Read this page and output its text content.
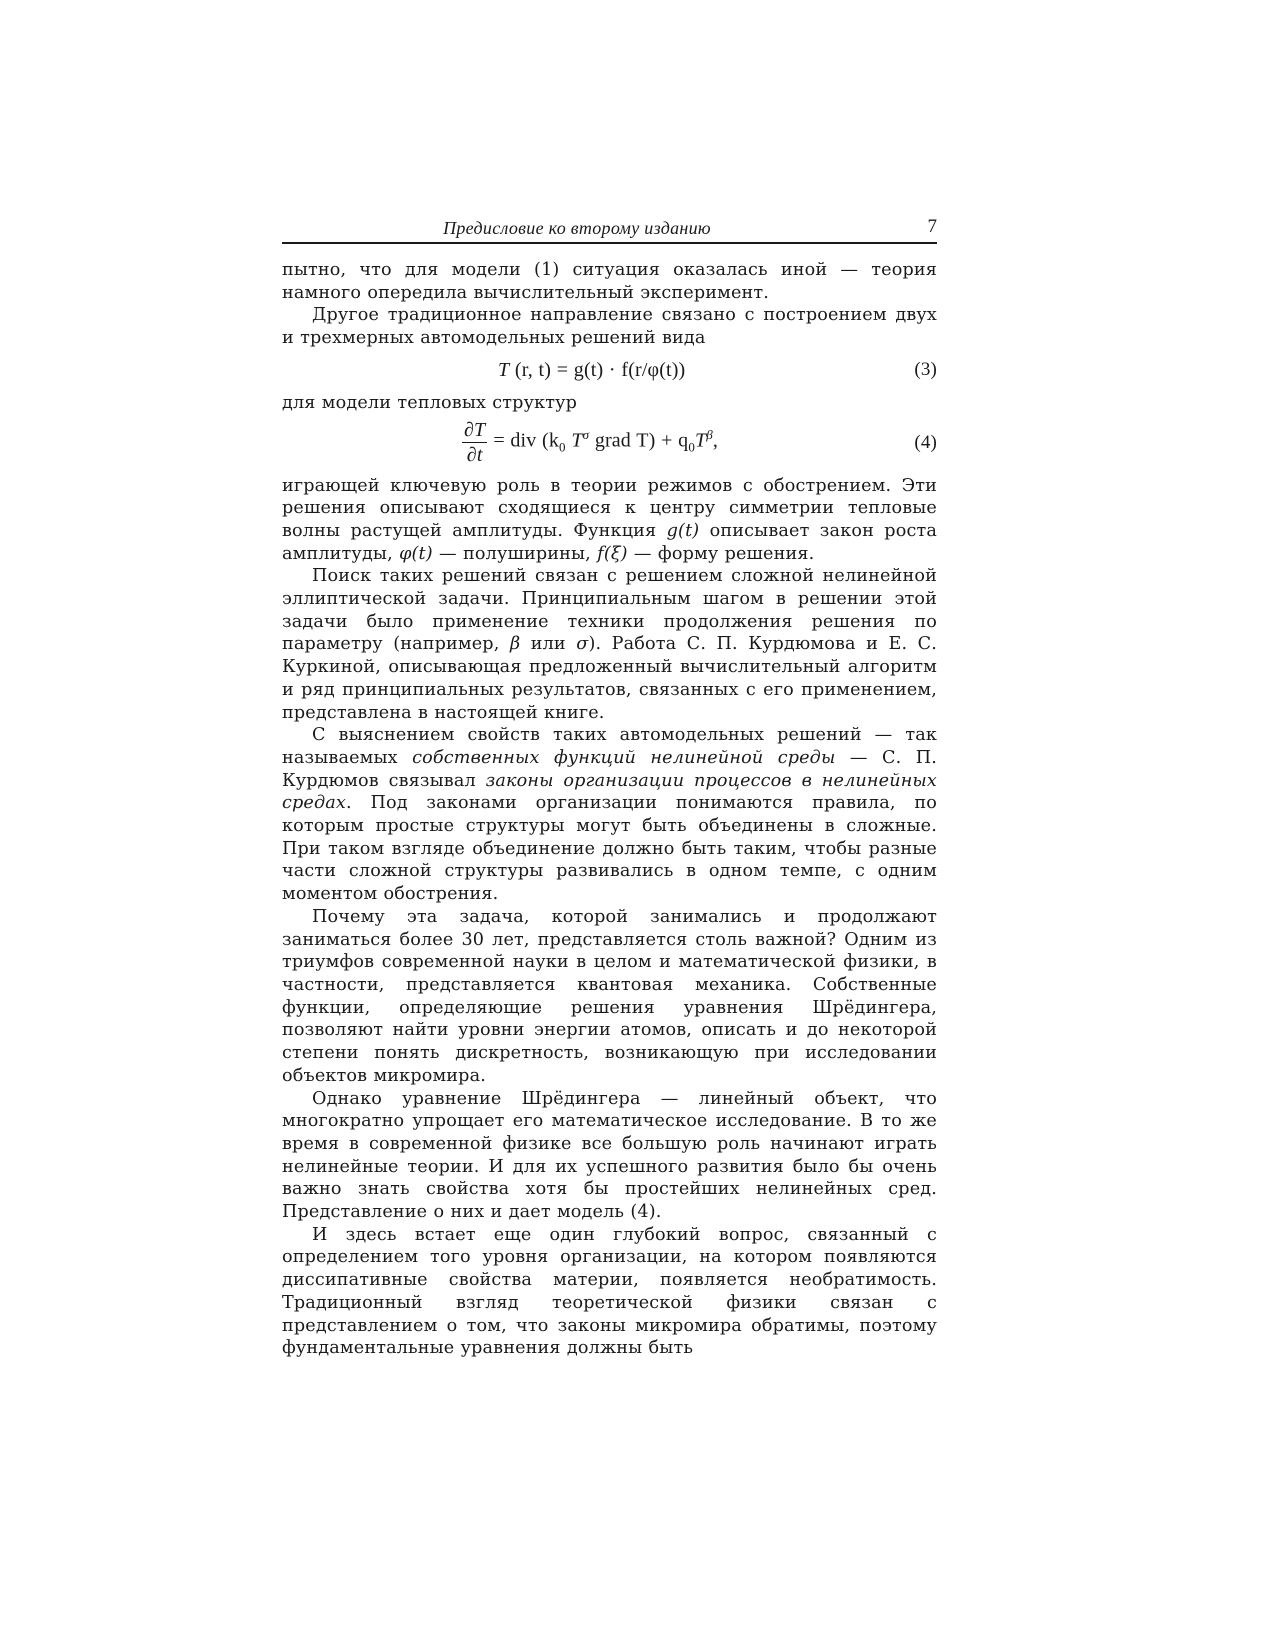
Предисловие ко второму изданию	7

пытно, что для модели (1) ситуация оказалась иной — теория намного опередила вычислительный эксперимент.

Другое традиционное направление связано с построением двух и трехмерных автомодельных решений вида

T (r, t) = g(t) · f(r/φ(t))	(3)

для модели тепловых структур

$\frac{\partial T}{\partial t}$ = div ($k_0$ $T^\sigma$ grad $T) + q_0T^\beta$,	(4)

играющей ключевую роль в теории режимов с обострением. Эти решения описывают сходящиеся к центру симметрии тепловые волны растущей амплитуды. Функция g(t) описывает закон роста амплитуды, φ(t) — полуширины, f(ξ) — форму решения.

Поиск таких решений связан с решением сложной нелинейной эллиптической задачи. Принципиальным шагом в решении этой задачи было применение техники продолжения решения по параметру (например, β или σ). Работа С. П. Курдюмова и Е. С. Куркиной, описывающая предложенный вычислительный алгоритм и ряд принципиальных результатов, связанных с его применением, представлена в настоящей книге.

С выяснением свойств таких автомодельных решений — так называемых собственных функций нелинейной среды — С. П. Курдюмов связывал законы организации процессов в нелинейных средах. Под законами организации понимаются правила, по которым простые структуры могут быть объединены в сложные. При таком взгляде объединение должно быть таким, чтобы разные части сложной структуры развивались в одном темпе, с одним моментом обострения.

Почему эта задача, которой занимались и продолжают заниматься более 30 лет, представляется столь важной? Одним из триумфов современной науки в целом и математической физики, в частности, представляется квантовая механика. Собственные функции, определяющие решения уравнения Шрёдингера, позволяют найти уровни энергии атомов, описать и до некоторой степени понять дискретность, возникающую при исследовании объектов микромира.

Однако уравнение Шрёдингера — линейный объект, что многократно упрощает его математическое исследование. В то же время в современной физике все большую роль начинают играть нелинейные теории. И для их успешного развития было бы очень важно знать свойства хотя бы простейших нелинейных сред. Представление о них и дает модель (4).

И здесь встает еще один глубокий вопрос, связанный с определением того уровня организации, на котором появляются диссипативные свойства материи, появляется необратимость. Традиционный взгляд теоретической физики связан с представлением о том, что законы микромира обратимы, поэтому фундаментальные уравнения должны быть
